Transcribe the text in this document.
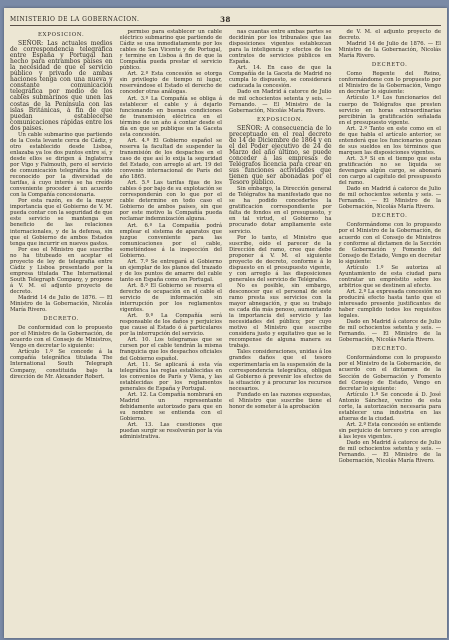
MINISTERIO DE LA GOBERNACION.	38
EXPOSICION.

SEÑOR: Las actuales medios de correspondencia telegráfica entre España y Portugal han hecho para entrambos países en la necesidad de que el servicio público y privado de ambas naciones tenga con una nueva y constante comunicación telegráfica por medio de los cables submarinos que unen las costas de la Península con las islas Británicas, á fin de que puedan establecerse comunicaciones rápidas entre los dos paises.

Un cable submarino que partiendo de la Costa levante cerca de Cádiz, y otro establecido desde Lisboa, enlazaba ya los dos puntos entre sí, y desde ellos se dirigen á Inglaterra por Vigo y Falmouth, pero el servicio de comunicación telegráfica ha sido reconocido por la diversidad de tarifas, á cuyo interés se ha creído conveniente proceder á un acuerdo con la Compañía concesionaria.

Por esta razón, es de la mayor importancia que el Gobierno de V. M. pueda contar con la seguridad de que este servicio se mantenga en beneficio de las relaciones internacionales, y de la defensa, sin que el Gobierno de ambos Estados tenga que incurrir en nuevos gastos.

Por eso el Ministro que suscribe no ha titubeado en aceptar el proyecto de ley de telegrafía entre Cádiz y Lisboa presentado por la empresa titulada The International South Telegraph Company, y propone á V. M. el adjunto proyecto de decreto.

Madrid 14 de Julio de 1876. — El Ministro de la Gobernación, Nicolás María Rivero.

DECRETO.

De conformidad con lo propuesto por el Ministro de la Gobernación, de acuerdo con el Consejo de Ministros, Vengo en decretar lo siguiente:

Artículo 1.º Se concede á la compañía telegráfica titulada The International South Telegraph Company, constituida bajo la dirección de Mr. Alexander Robert.

permiso para establecer un cable eléctrico submarino que partiendo de Cádiz se una inmediatamente por los cables de San Vicente y de Portugal, y termine en Lisboa á fin de que la Compañía pueda prestar el servicio público.

Art. 2.º Esta concesión se otorga sin privilegio de tiempo ni lugar, reservándose el Estado el derecho de conceder otras análogas.

Art. 3.º La Compañía se obliga á establecer el cable y á dejarlo funcionando en buenas condiciones de transmisión eléctrica en el término de un año á contar desde el día en que se publique en la Gaceta esta concesión.

Art. 4.º El Gobierno español se reserva la facultad de suspender la transmisión de los despachos en el caso de que así lo exija la seguridad del Estado, con arreglo al art. 19 del convenio internacional de París del año 1865.

Art. 5.º Las tarifas fijas de los cables ó por bajo de su explotación se corresponderán con lo que por el cable determine en todo caso el Gobierno de ambos países, sin que por este motivo la Compañía pueda reclamar indemnización alguna.

Art. 6.º La Compañía podrá emplear el sistema de aparatos que juzgue conveniente para las comunicaciones por el cable, sometiéndose á la inspección del Gobierno.

Art. 7.º Se entregará al Gobierno un ejemplar de los planos del trazado y de los puntos de amarre del cable tanto en España como en Portugal.

Art. 8.º El Gobierno se reserva el derecho de ocupación en el cable el servicio de información sin interrupción por los reglamentos vigentes.

Art. 9.º La Compañía será responsable de los daños y perjuicios que cause al Estado ó á particulares por la interrupción del servicio.

Art. 10. Los telegramas que se cursen por el cable tendrán la misma franquicia que los despachos oficiales del Gobierno español.

Art. 11. Se aplicará á esta vía telegráfica las reglas establecidas en los convenios de París y Viena, y las establecidas por los reglamentos generales de España y Portugal.

Art. 12. La Compañía nombrará en Madrid un representante debidamente autorizado para que en su nombre se entienda con el Gobierno.

Art. 13. Las cuestiones que puedan surgir se resolverán por la vía administrativa.

nas cuantas entre ambas partes se decidirán por los tribunales que las disposiciones vigentes establezcan para la inteligencia y efectos de los contratos de servicios públicos en España.

Art. 14. En caso de que la Compañía de la Gaceta de Madrid no cumpla lo dispuesto, se considerará caducada la concesión.

Dado en Madrid á catorce de Julio de mil ochocientos setenta y seis. — Fernando. — El Ministro de la Gobernación, Nicolás María Rivero.

EXPOSICION.

SEÑOR: A consecuencia de lo preceptuado en el real decreto de 14 de Diciembre de 1864 y en el del Poder ejecutivo de 24 de Marzo del año último, se puede conceder á las empresas de Telégrafos licencia para crear en sus funciones actividades que tienen que ser abonadas por el Tesoro público.

Sin embargo, la Dirección general de Telégrafos ha manifestado que no se ha podido concederles la gratificación correspondiente por falta de fondos en el presupuesto, y en tal virtud, el Gobierno ha procurado dotar ampliamente este servicio.

Por lo tanto, el Ministro que suscribe, oído el parecer de la Dirección del ramo, cree que debe proponer á V. M. el siguiente proyecto de decreto, conforme á lo dispuesto en el presupuesto vigente, y con arreglo á las disposiciones generales del servicio de Telégrafos.

No es posible, sin embargo, desconocer que el personal de este ramo presta sus servicios con la mayor abnegación, y que su trabajo es cada día más penoso, aumentando la importancia del servicio y las necesidades del público; por cuyo motivo el Ministro que suscribe considera justo y equitativo que se le recompense de alguna manera su trabajo.

Tales consideraciones, unidas á los grandes daños que el tesoro experimentaría en la suspensión de la correspondencia telegráfica, obligan al Gobierno á prevenir los efectos de la situación y á procurar los recursos necesarios.

Fundado en las razones expuestas, el Ministro que suscribe tiene el honor de someter á la aprobación

de V. M. el adjunto proyecto de decreto.

Madrid 14 de Julio de 1876. — El Ministro de la Gobernación, Nicolás María Rivero.

DECRETO.

Como Regente del Reino, conformándome con lo propuesto por el Ministro de la Gobernación, Vengo en decretar lo siguiente:

Artículo 1.º Los funcionarios del cuerpo de Telégrafos que presten servicio en horas extraordinarias percibirán la gratificación señalada en el presupuesto vigente.

Art. 2.º Tanto en este como en el de que habla el artículo anterior, se entenderá que los funcionarios gozan de sus sueldos en los términos que marquen las disposiciones vigentes.

Art. 3.º Si en el tiempo que esta gratificación no se liquida se devengara algún cargo, se abonará con cargo al capítulo del presupuesto del ramo.

Dado en Madrid á catorce de Julio de mil ochocientos setenta y seis. — Fernando. — El Ministro de la Gobernación, Nicolás María Rivero.

DECRETO.

Conformándome con lo propuesto por el Ministro de la Gobernación, de acuerdo con el Consejo de Ministros y conforme al dictamen de la Sección de Gobernación y Fomento del Consejo de Estado, Vengo en decretar lo siguiente:

Artículo 1.º Se autoriza al Ayuntamiento de esta ciudad para contratar un empréstito sobre los arbitrios que se destinen al efecto.

Art. 2.º La expresada concesión no producirá efecto hasta tanto que el interesado presente justificantes de haber cumplido todos los requisitos legales.

Dado en Madrid á catorce de Julio de mil ochocientos setenta y seis. — Fernando. — El Ministro de la Gobernación, Nicolás María Rivero.

DECRETO.

Conformándome con lo propuesto por el Ministro de la Gobernación, de acuerdo con el dictamen de la Sección de Gobernación y Fomento del Consejo de Estado, Vengo en decretar lo siguiente:

Artículo 1.º Se concede á D. José Antonio Sánchez, vecino de esta corte, la autorización necesaria para establecer una industria en las afueras de la ciudad.

Art. 2.º Esta concesión se entiende sin perjuicio de tercero y con arreglo á las leyes vigentes.

Dado en Madrid á catorce de Julio de mil ochocientos setenta y seis. — Fernando. — El Ministro de la Gobernación, Nicolás María Rivero.
